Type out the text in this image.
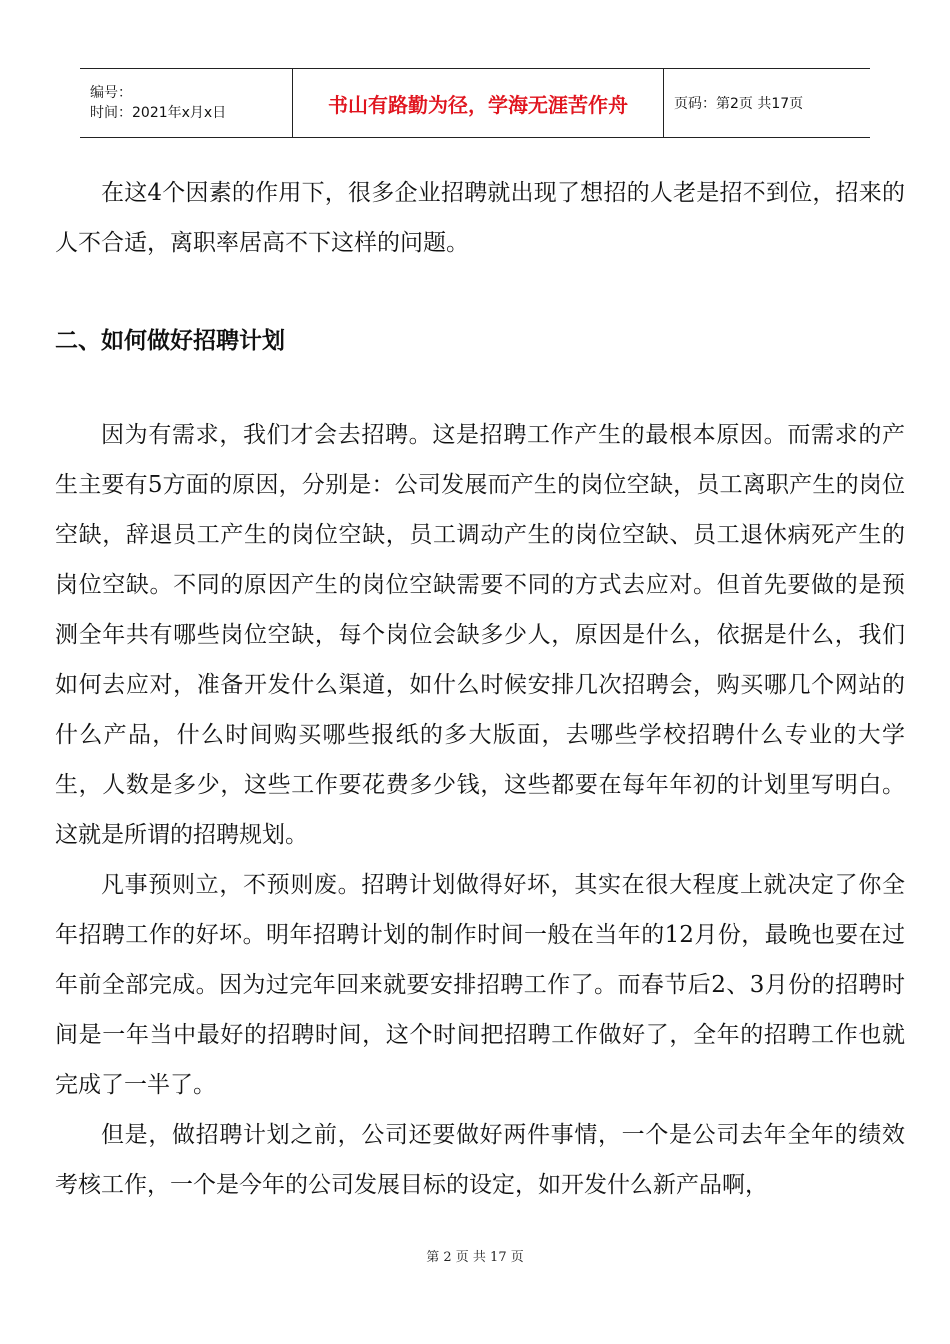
编号：
时间：2021年x月x日	书山有路勤为径，学海无涯苦作舟	页码：第2页 共17页

在这4个因素的作用下，很多企业招聘就出现了想招的人老是招不到位，招来的人不合适，离职率居高不下这样的问题。

二、如何做好招聘计划

因为有需求，我们才会去招聘。这是招聘工作产生的最根本原因。而需求的产生主要有5方面的原因，分别是：公司发展而产生的岗位空缺，员工离职产生的岗位空缺，辞退员工产生的岗位空缺，员工调动产生的岗位空缺、员工退休病死产生的岗位空缺。不同的原因产生的岗位空缺需要不同的方式去应对。但首先要做的是预测全年共有哪些岗位空缺，每个岗位会缺多少人，原因是什么，依据是什么，我们如何去应对，准备开发什么渠道，如什么时候安排几次招聘会，购买哪几个网站的什么产品，什么时间购买哪些报纸的多大版面，去哪些学校招聘什么专业的大学生，人数是多少，这些工作要花费多少钱，这些都要在每年年初的计划里写明白。这就是所谓的招聘规划。

凡事预则立，不预则废。招聘计划做得好坏，其实在很大程度上就决定了你全年招聘工作的好坏。明年招聘计划的制作时间一般在当年的12月份，最晚也要在过年前全部完成。因为过完年回来就要安排招聘工作了。而春节后2、3月份的招聘时间是一年当中最好的招聘时间，这个时间把招聘工作做好了，全年的招聘工作也就完成了一半了。

但是，做招聘计划之前，公司还要做好两件事情，一个是公司去年全年的绩效考核工作，一个是今年的公司发展目标的设定，如开发什么新产品啊，

第 2 页 共 17 页
